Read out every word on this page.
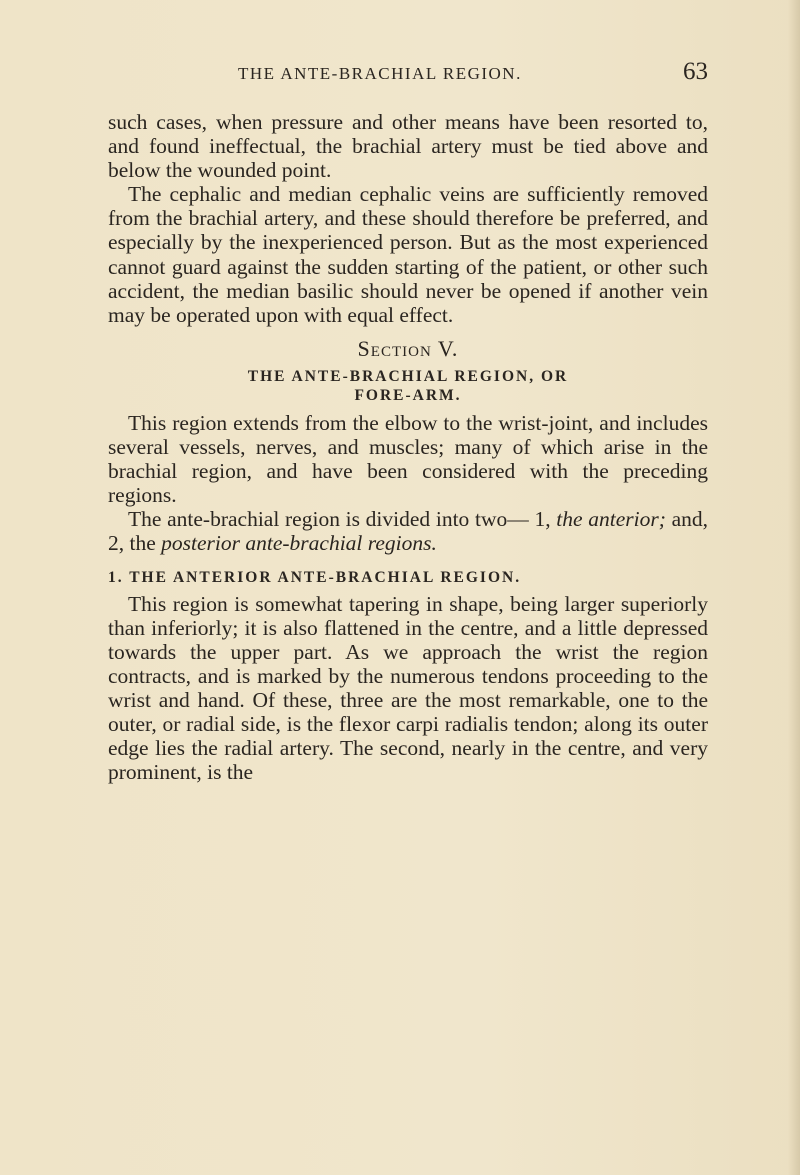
THE ANTE-BRACHIAL REGION.	63

such cases, when pressure and other means have been resorted to, and found ineffectual, the brachial artery must be tied above and below the wounded point.

The cephalic and median cephalic veins are sufficiently removed from the brachial artery, and these should therefore be preferred, and especially by the inexperienced person. But as the most experienced cannot guard against the sudden starting of the patient, or other such accident, the median basilic should never be opened if another vein may be operated upon with equal effect.

Section V.
THE ANTE-BRACHIAL REGION, OR
FORE-ARM.

This region extends from the elbow to the wrist-joint, and includes several vessels, nerves, and muscles; many of which arise in the brachial region, and have been considered with the preceding regions.

The ante-brachial region is divided into two— 1, the anterior; and, 2, the posterior ante-brachial regions.

1. THE ANTERIOR ANTE-BRACHIAL REGION.

This region is somewhat tapering in shape, being larger superiorly than inferiorly; it is also flattened in the centre, and a little depressed towards the upper part. As we approach the wrist the region contracts, and is marked by the numerous tendons proceeding to the wrist and hand. Of these, three are the most remarkable, one to the outer, or radial side, is the flexor carpi radialis tendon; along its outer edge lies the radial artery. The second, nearly in the centre, and very prominent, is the
